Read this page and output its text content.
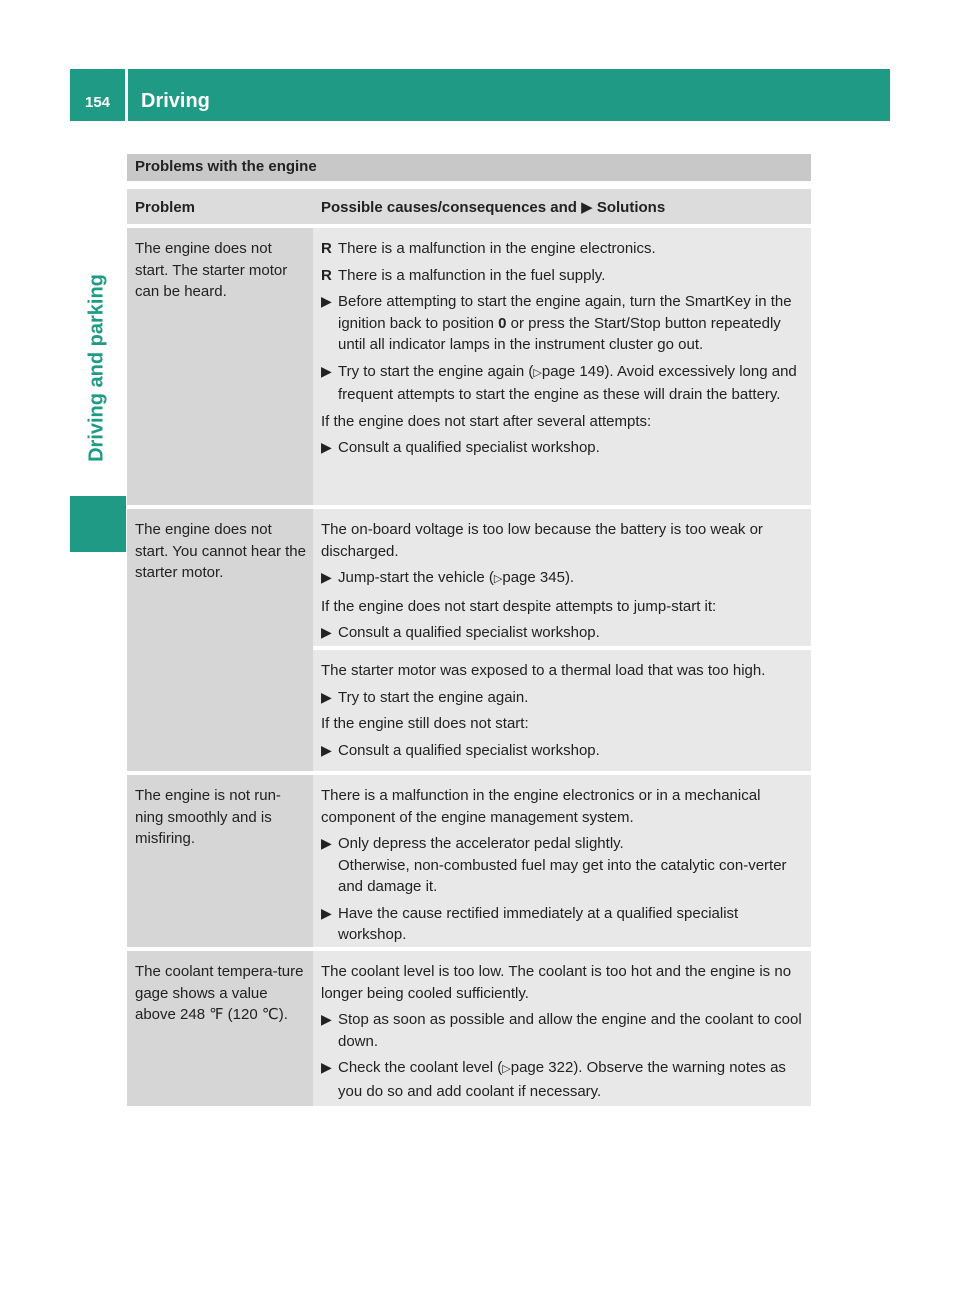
154	Driving
Driving and parking
Problems with the engine
Problem	Possible causes/consequences and ▶ Solutions
The engine does not start. The starter motor can be heard.
R There is a malfunction in the engine electronics.
R There is a malfunction in the fuel supply.
▶ Before attempting to start the engine again, turn the SmartKey in the ignition back to position 0 or press the Start/Stop button repeatedly until all indicator lamps in the instrument cluster go out.
▶ Try to start the engine again (▷page 149). Avoid excessively long and frequent attempts to start the engine as these will drain the battery.

If the engine does not start after several attempts:

▶ Consult a qualified specialist workshop.
The engine does not start. You cannot hear the starter motor.

The on-board voltage is too low because the battery is too weak or discharged.

▶ Jump-start the vehicle (▷page 345).

If the engine does not start despite attempts to jump-start it:

▶ Consult a qualified specialist workshop.

The starter motor was exposed to a thermal load that was too high.

▶ Try to start the engine again.

If the engine still does not start:

▶ Consult a qualified specialist workshop.
The engine is not run-ning smoothly and is misfiring.

There is a malfunction in the engine electronics or in a mechanical component of the engine management system.

▶ Only depress the accelerator pedal slightly.
Otherwise, non-combusted fuel may get into the catalytic con-verter and damage it.
▶ Have the cause rectified immediately at a qualified specialist workshop.
The coolant tempera-ture gage shows a value above 248 ℉ (120 ℃).

The coolant level is too low. The coolant is too hot and the engine is no longer being cooled sufficiently.

▶ Stop as soon as possible and allow the engine and the coolant to cool down.
▶ Check the coolant level (▷page 322). Observe the warning notes as you do so and add coolant if necessary.
